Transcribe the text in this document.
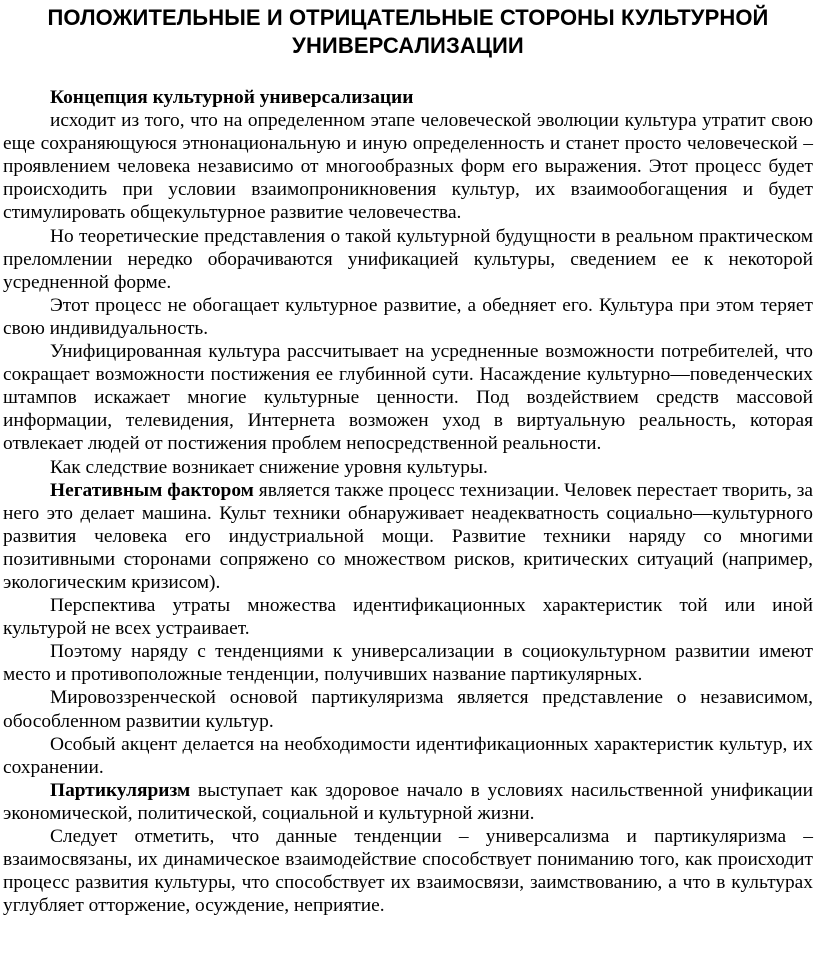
ПОЛОЖИТЕЛЬНЫЕ И ОТРИЦАТЕЛЬНЫЕ СТОРОНЫ КУЛЬТУРНОЙ УНИВЕРСАЛИЗАЦИИ

Концепция культурной универсализации

исходит из того, что на определенном этапе человеческой эволюции культура утратит свою еще сохраняющуюся этнонациональную и иную определенность и станет просто человеческой – проявлением человека независимо от многообразных форм его выражения. Этот процесс будет происходить при условии взаимопроникновения культур, их взаимообогащения и будет стимулировать общекультурное развитие человечества.

Но теоретические представления о такой культурной будущности в реальном практическом преломлении нередко оборачиваются унификацией культуры, сведением ее к некоторой усредненной форме.

Этот процесс не обогащает культурное развитие, а обедняет его. Культура при этом теряет свою индивидуальность.

Унифицированная культура рассчитывает на усредненные возможности потребителей, что сокращает возможности постижения ее глубинной сути. Насаждение культурно—поведенческих штампов искажает многие культурные ценности. Под воздействием средств массовой информации, телевидения, Интернета возможен уход в виртуальную реальность, которая отвлекает людей от постижения проблем непосредственной реальности.

Как следствие возникает снижение уровня культуры.

Негативным фактором является также процесс технизации. Человек перестает творить, за него это делает машина. Культ техники обнаруживает неадекватность социально—культурного развития человека его индустриальной мощи. Развитие техники наряду со многими позитивными сторонами сопряжено со множеством рисков, критических ситуаций (например, экологическим кризисом).

Перспектива утраты множества идентификационных характеристик той или иной культурой не всех устраивает.

Поэтому наряду с тенденциями к универсализации в социокультурном развитии имеют место и противоположные тенденции, получивших название партикулярных.

Мировоззренческой основой партикуляризма является представление о независимом, обособленном развитии культур.

Особый акцент делается на необходимости идентификационных характеристик культур, их сохранении.

Партикуляризм выступает как здоровое начало в условиях насильственной унификации экономической, политической, социальной и культурной жизни.

Следует отметить, что данные тенденции – универсализма и партикуляризма – взаимосвязаны, их динамическое взаимодействие способствует пониманию того, как происходит процесс развития культуры, что способствует их взаимосвязи, заимствованию, а что в культурах углубляет отторжение, осуждение, неприятие.
